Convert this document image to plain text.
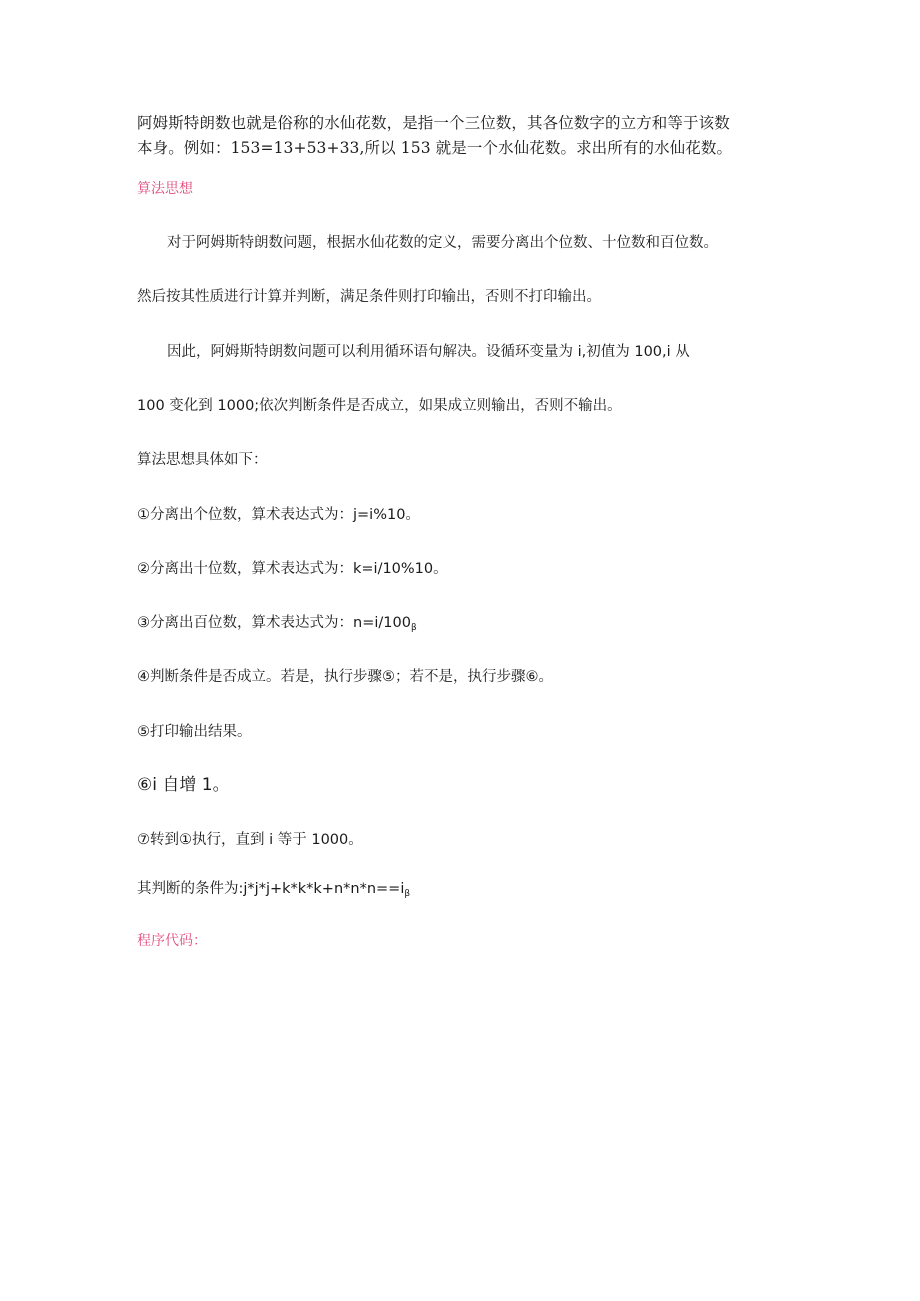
阿姆斯特朗数也就是俗称的水仙花数，是指一个三位数，其各位数字的立方和等于该数

本身。例如：153=13+53+33,所以 153 就是一个水仙花数。求出所有的水仙花数。

算法思想

对于阿姆斯特朗数问题，根据水仙花数的定义，需要分离出个位数、十位数和百位数。

然后按其性质进行计算并判断，满足条件则打印输出，否则不打印输出。

因此，阿姆斯特朗数问题可以利用循环语句解决。设循环变量为 i,初值为 100,i 从

100 变化到 1000;依次判断条件是否成立，如果成立则输出，否则不输出。

算法思想具体如下：

①分离出个位数，算术表达式为：j=i%10。

②分离出十位数，算术表达式为：k=i/10%10。

③分离出百位数，算术表达式为：$n=i/100_\beta$

④判断条件是否成立。若是，执行步骤⑤；若不是，执行步骤⑥。

⑤打印输出结果。

⑥i 自增 1。

⑦转到①执行，直到 i 等于 1000。

其判断的条件为$:j*j*j+k*k*k+n*n*n==i_\beta$

程序代码：
